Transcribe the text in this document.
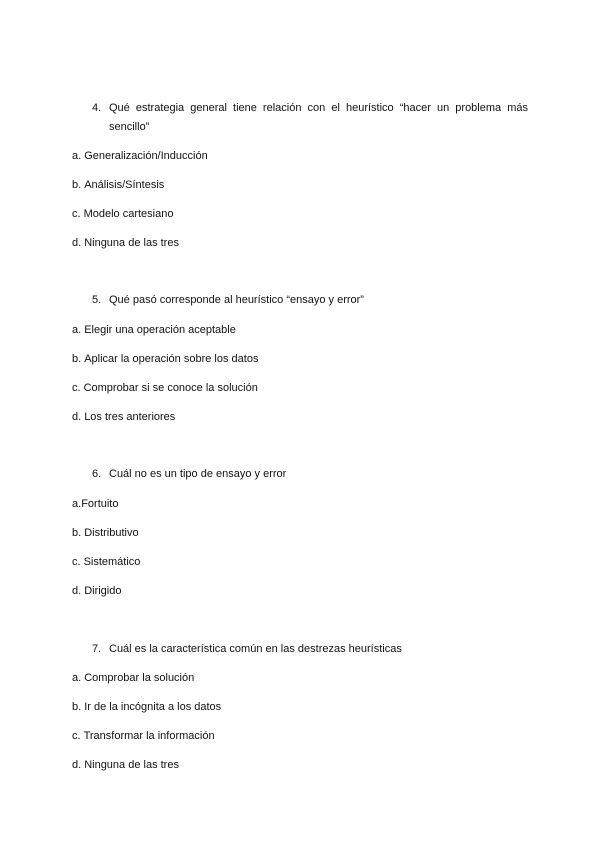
4. Qué estrategia general tiene relación con el heurístico “hacer un problema más sencillo”
a. Generalización/Inducción
b. Análisis/Síntesis
c. Modelo cartesiano
d. Ninguna de las tres
5. Qué pasó corresponde al heurístico “ensayo y error”
a. Elegir una operación aceptable
b. Aplicar la operación sobre los datos
c. Comprobar si se conoce la solución
d. Los tres anteriores
6. Cuál no es un tipo de ensayo y error
a.Fortuito
b. Distributivo
c. Sistemático
d. Dirigido
7. Cuál es la característica común en las destrezas heurísticas
a. Comprobar la solución
b. Ir de la incógnita a los datos
c. Transformar la información
d. Ninguna de las tres
